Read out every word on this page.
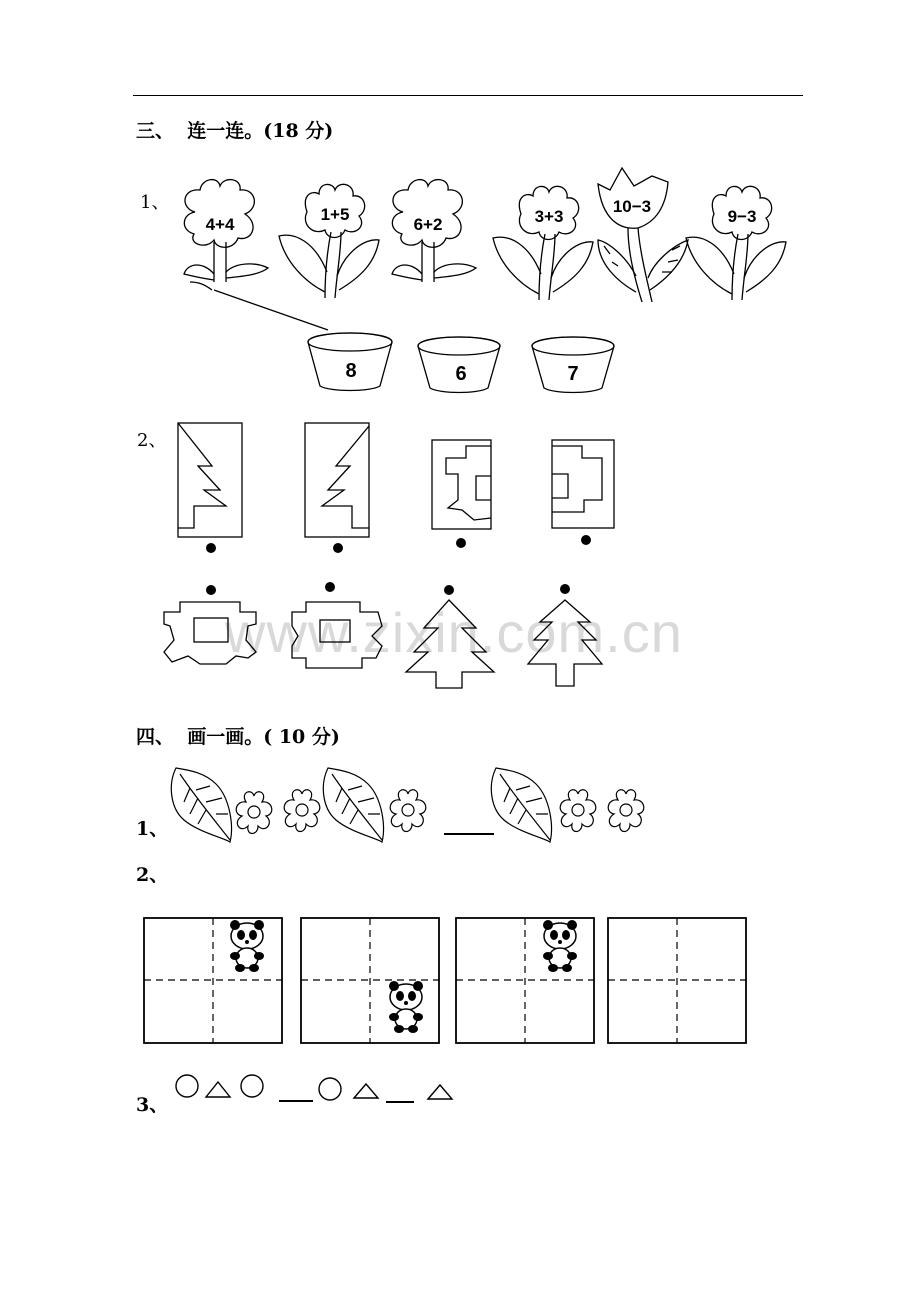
www.zixin.com.cn
三、  连一连。(18 分)
1、
4+4
1+5
6+2	3+3
10−3
9−3
8	6	7
2、
四、  画一画。( 10 分)
1、
2、
3、
